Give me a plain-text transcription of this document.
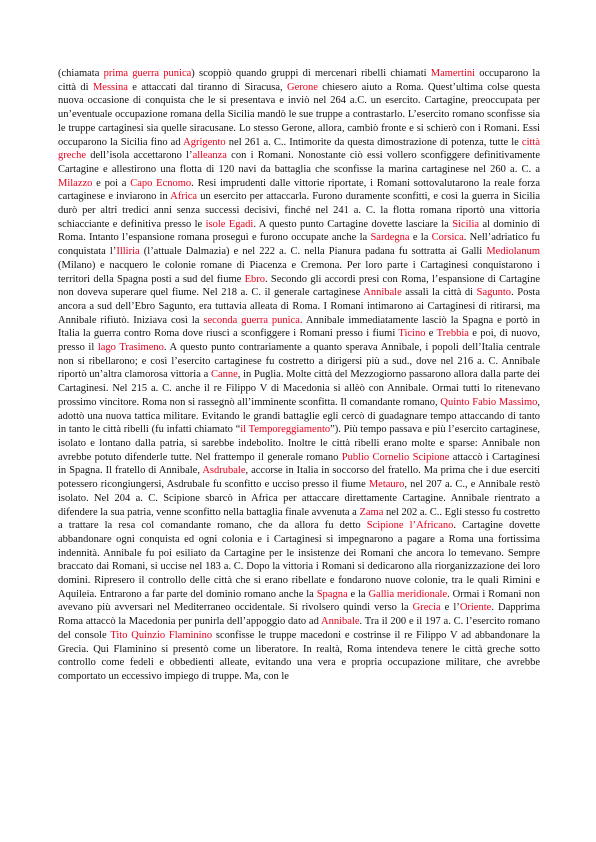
(chiamata prima guerra punica) scoppiò quando gruppi di mercenari ribelli chiamati Mamertini occuparono la città di Messina e attaccati dal tiranno di Siracusa, Gerone chiesero aiuto a Roma. Quest’ultima colse questa nuova occasione di conquista che le si presentava e inviò nel 264 a.C. un esercito. Cartagine, preoccupata per un’eventuale occupazione romana della Sicilia mandò le sue truppe a contrastarlo. L’esercito romano sconfisse sia le truppe cartaginesi sia quelle siracusane. Lo stesso Gerone, allora, cambiò fronte e si schierò con i Romani. Essi occuparono la Sicilia fino ad Agrigento nel 261 a. C.. Intimorite da questa dimostrazione di potenza, tutte le città greche dell’isola accettarono l’alleanza con i Romani. Nonostante ciò essi vollero sconfiggere definitivamente Cartagine e allestirono una flotta di 120 navi da battaglia che sconfisse la marina cartaginese nel 260 a. C. a Milazzo e poi a Capo Ecnomo. Resi imprudenti dalle vittorie riportate, i Romani sottovalutarono la reale forza cartaginese e inviarono in Africa un esercito per attaccarla. Furono duramente sconfitti, e così la guerra in Sicilia durò per altri tredici anni senza successi decisivi, finché nel 241 a. C. la flotta romana riportò una vittoria schiacciante e definitiva presso le isole Egadi. A questo punto Cartagine dovette lasciare la Sicilia al dominio di Roma. Intanto l’espansione romana proseguì e furono occupate anche la Sardegna e la Corsica. Nell’adriatico fu conquistata l’Illiria (l’attuale Dalmazia) e nel 222 a. C. nella Pianura padana fu sottratta ai Galli Mediolanum (Milano) e nacquero le colonie romane di Piacenza e Cremona. Per loro parte i Cartaginesi conquistarono i territori della Spagna posti a sud del fiume Ebro. Secondo gli accordi presi con Roma, l’espansione di Cartagine non doveva superare quel fiume. Nel 218 a. C. il generale cartaginese Annibale assalì la città di Sagunto. Posta ancora a sud dell’Ebro Sagunto, era tuttavia alleata di Roma. I Romani intimarono ai Cartaginesi di ritirarsi, ma Annibale rifiutò. Iniziava così la seconda guerra punica. Annibale immediatamente lasciò la Spagna e portò in Italia la guerra contro Roma dove riuscì a sconfiggere i Romani presso i fiumi Ticino e Trebbia e poi, di nuovo, presso il lago Trasimeno. A questo punto contrariamente a quanto sperava Annibale, i popoli dell’Italia centrale non si ribellarono; e così l’esercito cartaginese fu costretto a dirigersi più a sud., dove nel 216 a. C. Annibale riportò un’altra clamorosa vittoria a Canne, in Puglia. Molte città del Mezzogiorno passarono allora dalla parte dei Cartaginesi. Nel 215 a. C. anche il re Filippo V di Macedonia si allèò con Annibale. Ormai tutti lo ritenevano prossimo vincitore. Roma non si rassegnò all’imminente sconfitta. Il comandante romano, Quinto Fabio Massimo, adottò una nuova tattica militare. Evitando le grandi battaglie egli cercò di guadagnare tempo attaccando di tanto in tanto le città ribelli (fu infatti chiamato “il Temporeggiamento”). Più tempo passava e più l’esercito cartaginese, isolato e lontano dalla patria, si sarebbe indebolito. Inoltre le città ribelli erano molte e sparse: Annibale non avrebbe potuto difenderle tutte. Nel frattempo il generale romano Publio Cornelio Scipione attaccò i Cartaginesi in Spagna. Il fratello di Annibale, Asdrubale, accorse in Italia in soccorso del fratello. Ma prima che i due eserciti potessero ricongiungersi, Asdrubale fu sconfitto e ucciso presso il fiume Metauro, nel 207 a. C., e Annibale restò isolato. Nel 204 a. C. Scipione sbarcò in Africa per attaccare direttamente Cartagine. Annibale rientrato a difendere la sua patria, venne sconfitto nella battaglia finale avvenuta a Zama nel 202 a. C.. Egli stesso fu costretto a trattare la resa col comandante romano, che da allora fu detto Scipione l’Africano. Cartagine dovette abbandonare ogni conquista ed ogni colonia e i Cartaginesi si impegnarono a pagare a Roma una fortissima indennità. Annibale fu poi esiliato da Cartagine per le insistenze dei Romani che ancora lo temevano. Sempre braccato dai Romani, si uccise nel 183 a. C. Dopo la vittoria i Romani si dedicarono alla riorganizzazione dei loro domini. Ripresero il controllo delle città che si erano ribellate e fondarono nuove colonie, tra le quali Rimini e Aquileia. Entrarono a far parte del dominio romano anche la Spagna e la Gallia meridionale. Ormai i Romani non avevano più avversari nel Mediterraneo occidentale. Si rivolsero quindi verso la Grecia e l’Oriente. Dapprima Roma attaccò la Macedonia per punirla dell’appoggio dato ad Annibale. Tra il 200 e il 197 a. C. l’esercito romano del console Tito Quinzio Flaminino sconfisse le truppe macedoni e costrinse il re Filippo V ad abbandonare la Grecia. Qui Flaminino si presentò come un liberatore. In realtà, Roma intendeva tenere le città greche sotto controllo come fedeli e obbedienti alleate, evitando una vera e propria occupazione militare, che avrebbe comportato un eccessivo impiego di truppe. Ma, con le
